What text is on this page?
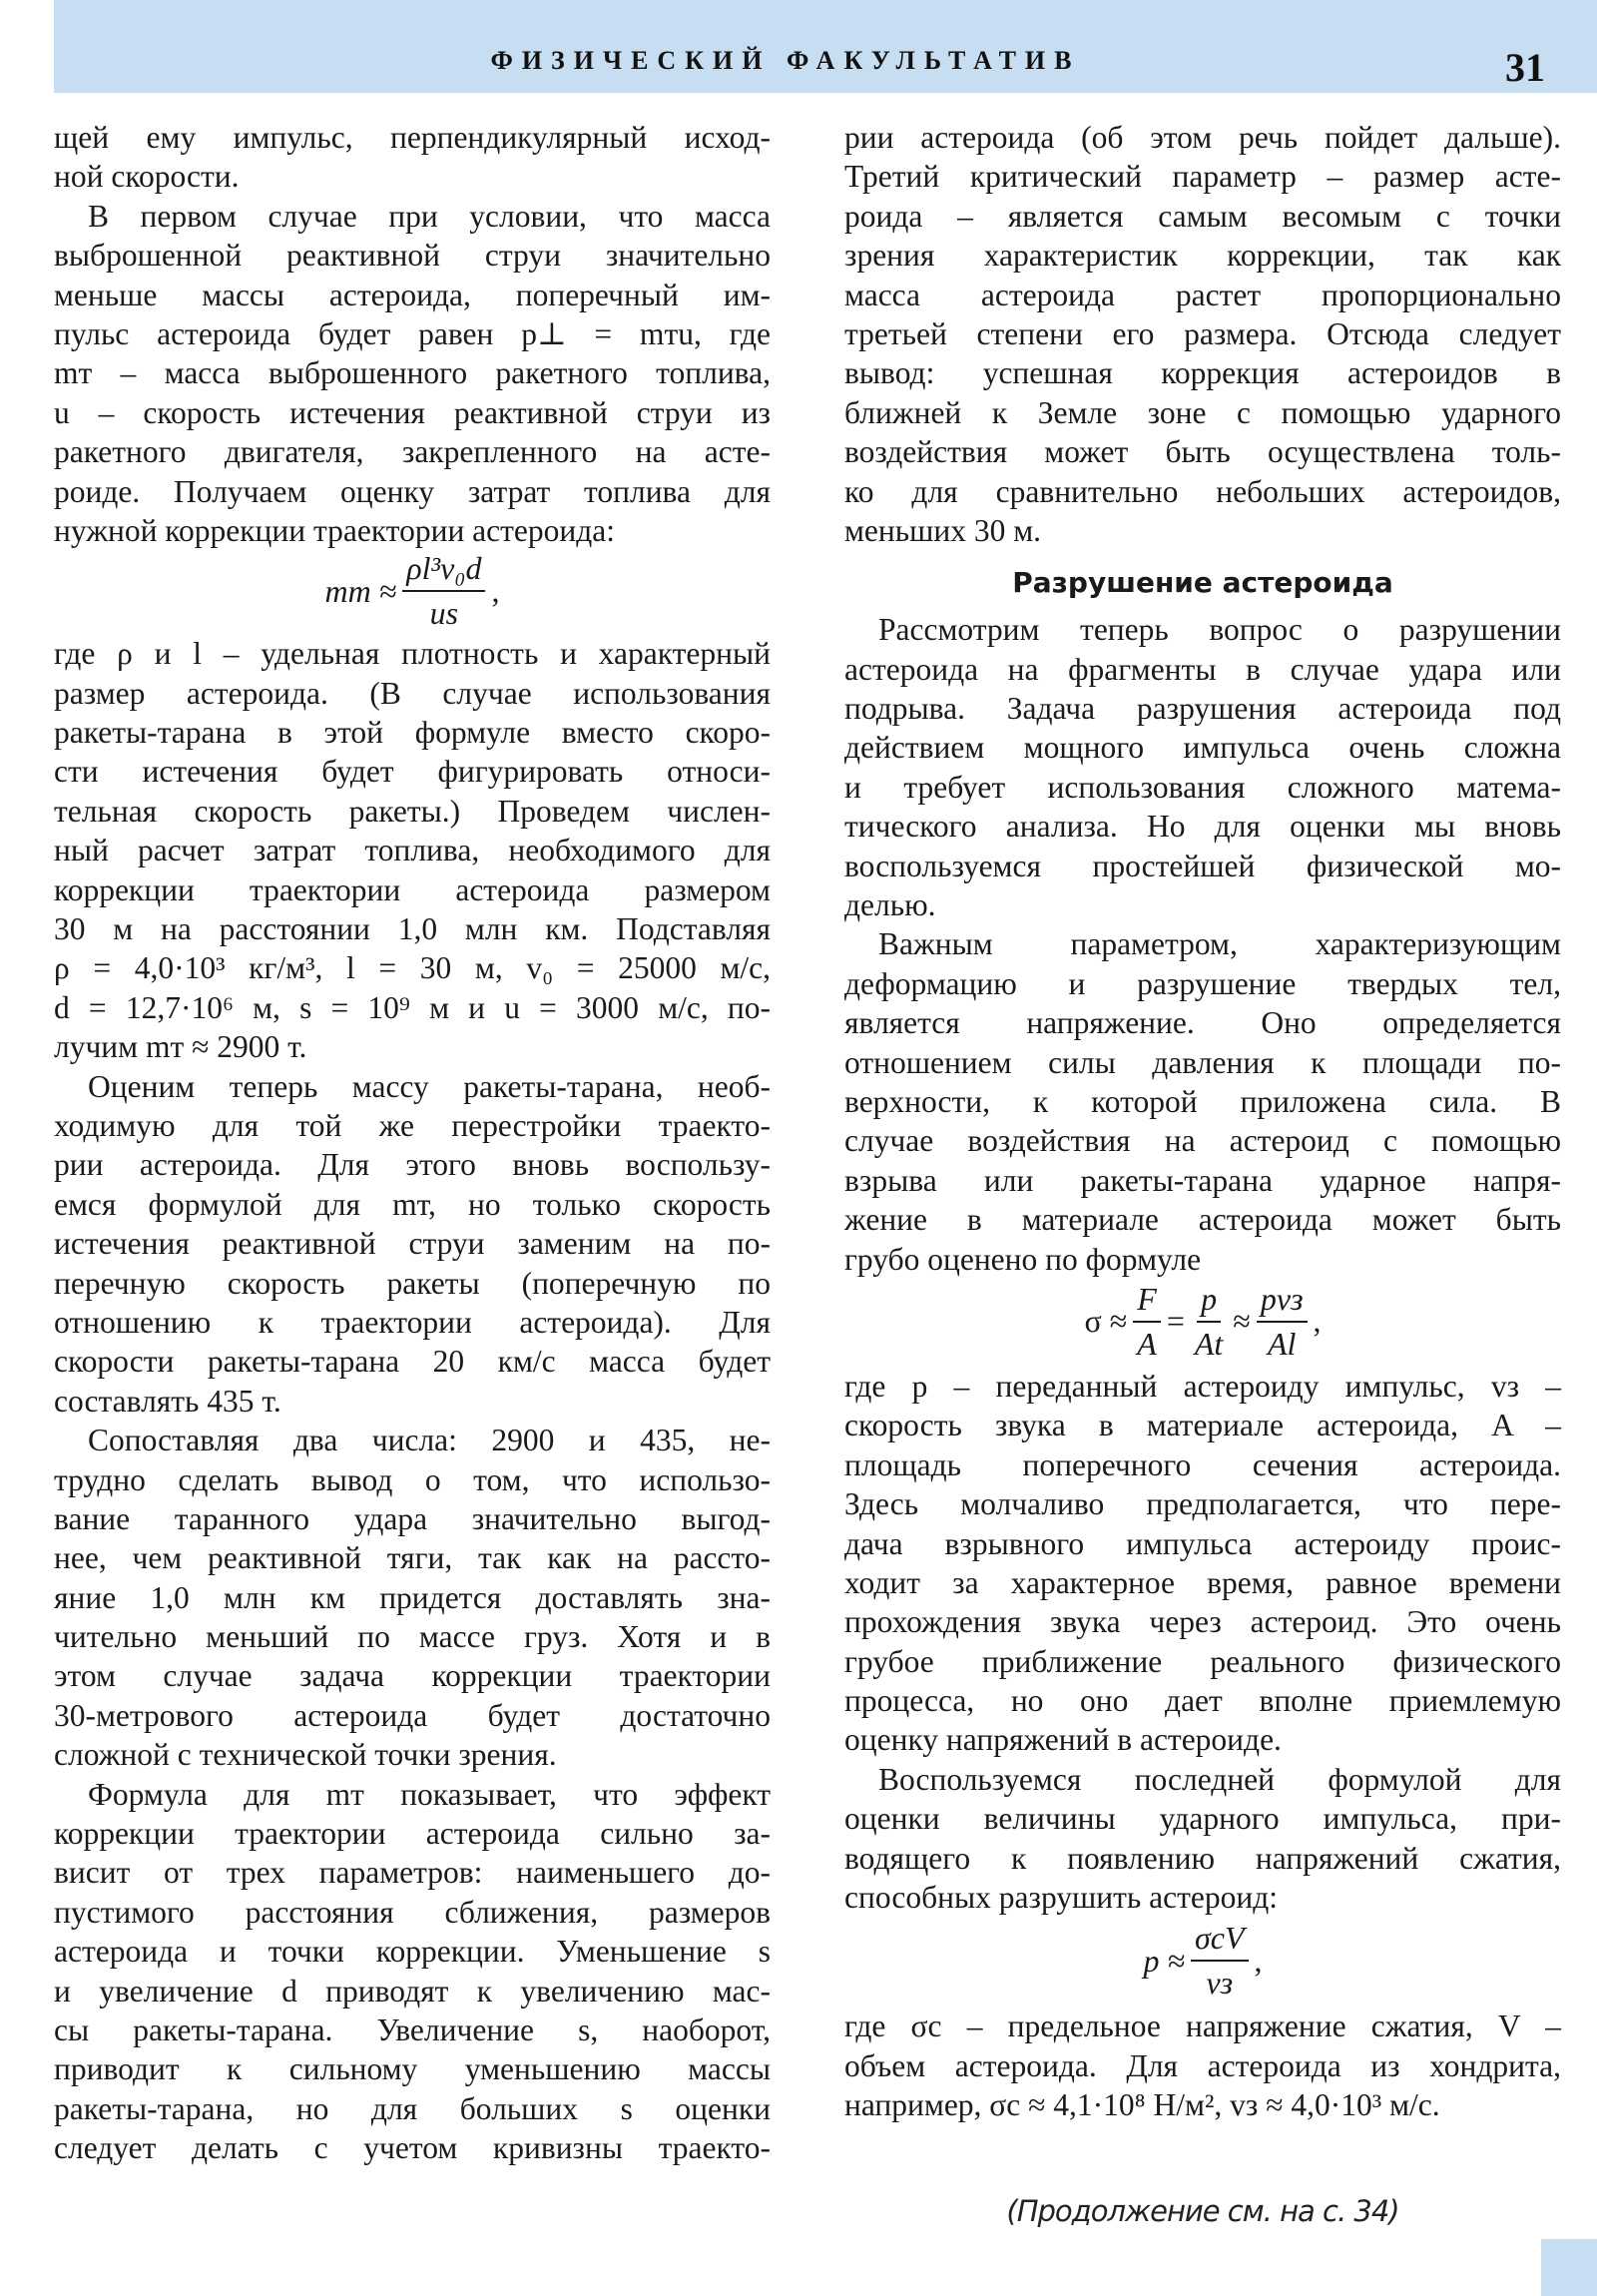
ФИЗИЧЕСКИЙ ФАКУЛЬТАТИВ	31
щей ему импульс, перпендикулярный исход-
ной скорости.
В первом случае при условии, что масса
выброшенной реактивной струи значительно
меньше массы астероида, поперечный им-
пульс астероида будет равен p⊥ = mтu, где
mт – масса выброшенного ракетного топлива,
u – скорость истечения реактивной струи из
ракетного двигателя, закрепленного на асте-
роиде. Получаем оценку затрат топлива для
нужной коррекции траектории астероида:
mт ≈ $\frac{\text{ρl³v₀d}}{us}$ ,
где ρ и l – удельная плотность и характерный
размер астероида. (В случае использования
ракеты-тарана в этой формуле вместо скоро-
сти истечения будет фигурировать относи-
тельная скорость ракеты.) Проведем числен-
ный расчет затрат топлива, необходимого для
коррекции траектории астероида размером
30 м на расстоянии 1,0 млн км. Подставляя
ρ = 4,0·10³ кг/м³, l = 30 м, v₀ = 25000 м/с,
d = 12,7·10⁶ м, s = 10⁹ м и u = 3000 м/с, по-
лучим mт ≈ 2900 т.
Оценим теперь массу ракеты-тарана, необ-
ходимую для той же перестройки траекто-
рии астероида. Для этого вновь воспользу-
емся формулой для mт, но только скорость
истечения реактивной струи заменим на по-
перечную скорость ракеты (поперечную по
отношению к траектории астероида). Для
скорости ракеты-тарана 20 км/с масса будет
составлять 435 т.
Сопоставляя два числа: 2900 и 435, не-
трудно сделать вывод о том, что использо-
вание таранного удара значительно выгод-
нее, чем реактивной тяги, так как на рассто-
яние 1,0 млн км придется доставлять зна-
чительно меньший по массе груз. Хотя и в
этом случае задача коррекции траектории
30-метрового астероида будет достаточно
сложной с технической точки зрения.
Формула для mт показывает, что эффект
коррекции траектории астероида сильно за-
висит от трех параметров: наименьшего до-
пустимого расстояния сближения, размеров
астероида и точки коррекции. Уменьшение s
и увеличение d приводят к увеличению мас-
сы ракеты-тарана. Увеличение s, наоборот,
приводит к сильному уменьшению массы
ракеты-тарана, но для больших s оценки
следует делать с учетом кривизны траекто-
рии астероида (об этом речь пойдет дальше).
Третий критический параметр – размер асте-
роида – является самым весомым с точки
зрения характеристик коррекции, так как
масса астероида растет пропорционально
третьей степени его размера. Отсюда следует
вывод: успешная коррекция астероидов в
ближней к Земле зоне с помощью ударного
воздействия может быть осуществлена толь-
ко для сравнительно небольших астероидов,
меньших 30 м.
Разрушение астероида
Рассмотрим теперь вопрос о разрушении
астероида на фрагменты в случае удара или
подрыва. Задача разрушения астероида под
действием мощного импульса очень сложна
и требует использования сложного матема-
тического анализа. Но для оценки мы вновь
воспользуемся простейшей физической мо-
делью.
Важным параметром, характеризующим
деформацию и разрушение твердых тел,
является напряжение. Оно определяется
отношением силы давления к площади по-
верхности, к которой приложена сила. В
случае воздействия на астероид с помощью
взрыва или ракеты-тарана ударное напря-
жение в материале астероида может быть
грубо оценено по формуле
$\sigma \approx \frac{F}{A} = \frac{p}{At} \approx \frac{\text{pvз}}{Al}$ ,
где p – переданный астероиду импульс, vз –
скорость звука в материале астероида, A –
площадь поперечного сечения астероида.
Здесь молчаливо предполагается, что пере-
дача взрывного импульса астероиду проис-
ходит за характерное время, равное времени
прохождения звука через астероид. Это очень
грубое приближение реального физического
процесса, но оно дает вполне приемлемую
оценку напряжений в астероиде.
Воспользуемся последней формулой для
оценки величины ударного импульса, при-
водящего к появлению напряжений сжатия,
способных разрушить астероид:
$p \approx \frac{\text{σсV}}{vз}$ ,
где σс – предельное напряжение сжатия, V –
объем астероида. Для астероида из хондрита,
например, σс ≈ 4,1·10⁸ Н/м², vз ≈ 4,0·10³ м/с.
(Продолжение см. на с. 34)
